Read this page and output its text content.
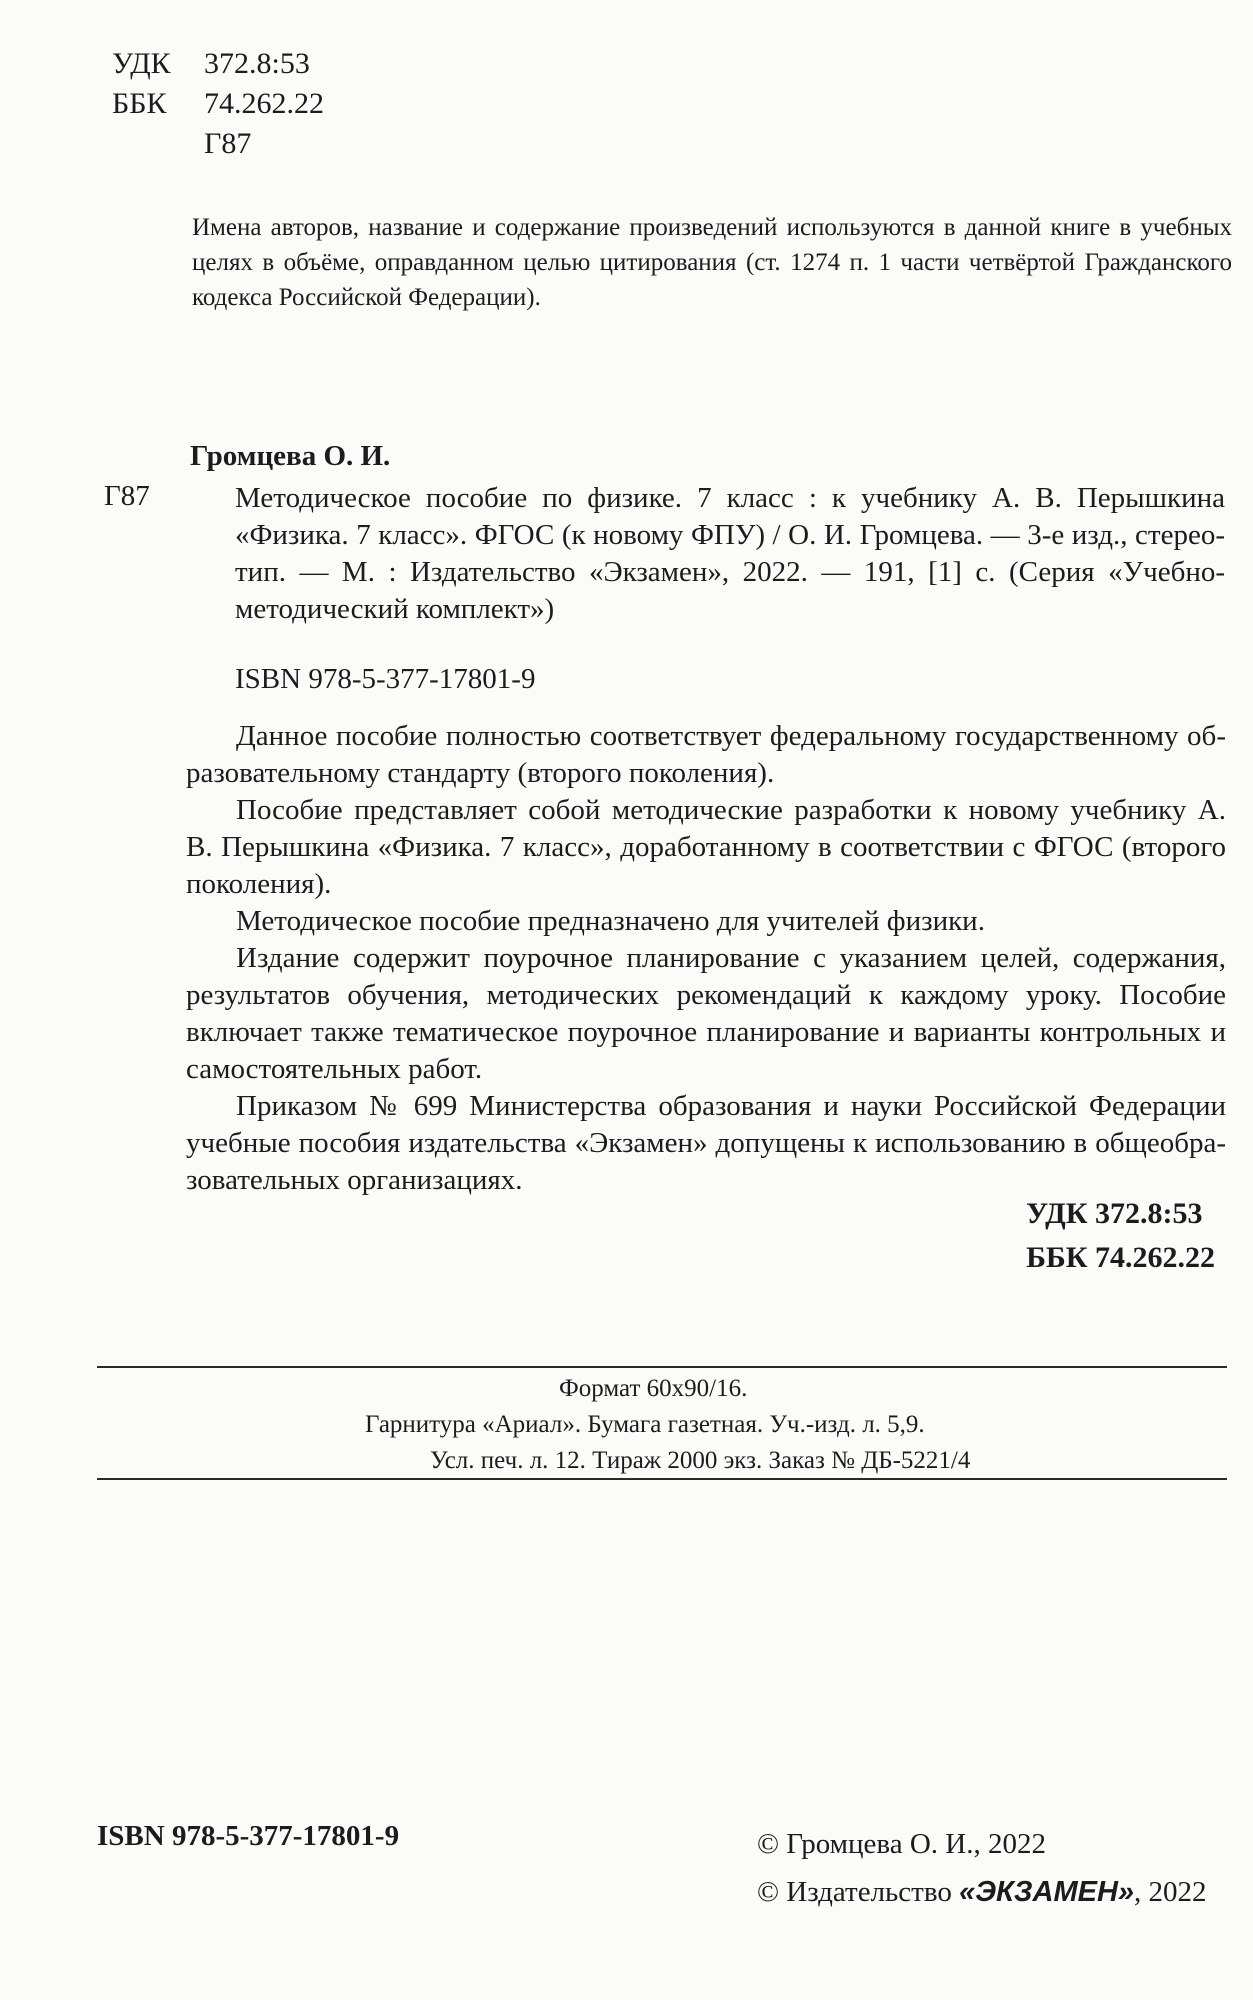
УДК	372.8:53
ББК	74.262.22
Г87
Имена авторов, название и содержание произведений используются в данной книге в учебных целях в объёме, оправданном целью цитирования (ст. 1274 п. 1 части четвёртой Гражданского кодекса Российской Федерации).
Громцева О. И.
Г87	Методическое пособие по физике. 7 класс : к учебнику А. В. Перышкина «Физика. 7 класс». ФГОС (к новому ФПУ) / О. И. Громцева. — 3-е изд., стереотип. — М. : Издательство «Экзамен», 2022. — 191, [1] с. (Серия «Учебно-методический комплект»)
ISBN 978-5-377-17801-9

Данное пособие полностью соответствует федеральному государственному образовательному стандарту (второго поколения).

Пособие представляет собой методические разработки к новому учебнику А. В. Перышкина «Физика. 7 класс», доработанному в соответствии с ФГОС (второго поколения).

Методическое пособие предназначено для учителей физики.

Издание содержит поурочное планирование с указанием целей, содержания, результатов обучения, методических рекомендаций к каждому уроку. Пособие включает также тематическое поурочное планирование и варианты контрольных и самостоятельных работ.

Приказом № 699 Министерства образования и науки Российской Федерации учебные пособия издательства «Экзамен» допущены к использованию в общеобразовательных организациях.

УДК 372.8:53
ББК 74.262.22
Формат 60x90/16.
Гарнитура «Ариал». Бумага газетная. Уч.-изд. л. 5,9.
Усл. печ. л. 12. Тираж 2000 экз. Заказ № ДБ-5221/4
ISBN 978-5-377-17801-9	© Громцева О. И., 2022
© Издательство «ЭКЗАМЕН», 2022
